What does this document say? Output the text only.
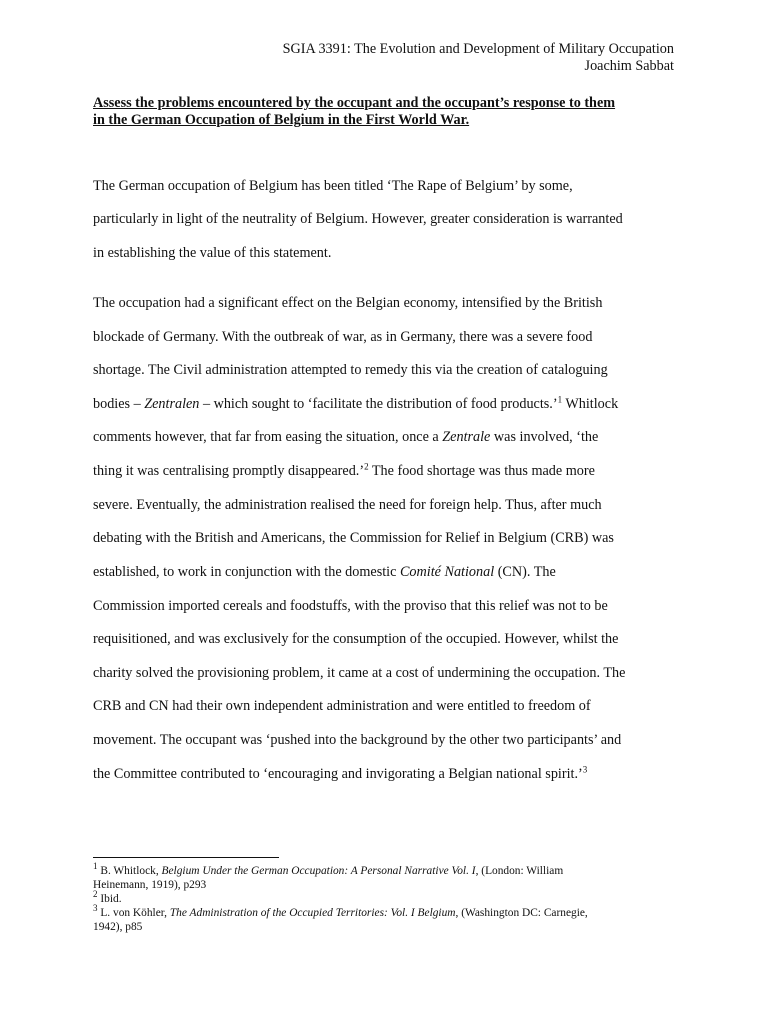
SGIA 3391: The Evolution and Development of Military Occupation
Joachim Sabbat
Assess the problems encountered by the occupant and the occupant’s response to them
in the German Occupation of Belgium in the First World War.
The German occupation of Belgium has been titled ‘The Rape of Belgium’ by some,
particularly in light of the neutrality of Belgium. However, greater consideration is warranted
in establishing the value of this statement.
The occupation had a significant effect on the Belgian economy, intensified by the British
blockade of Germany. With the outbreak of war, as in Germany, there was a severe food
shortage. The Civil administration attempted to remedy this via the creation of cataloguing
bodies – Zentralen – which sought to ‘facilitate the distribution of food products.’$^1$ Whitlock
comments however, that far from easing the situation, once a Zentrale was involved, ‘the
thing it was centralising promptly disappeared.’$^2$ The food shortage was thus made more
severe. Eventually, the administration realised the need for foreign help. Thus, after much
debating with the British and Americans, the Commission for Relief in Belgium (CRB) was
established, to work in conjunction with the domestic Comité National (CN). The
Commission imported cereals and foodstuffs, with the proviso that this relief was not to be
requisitioned, and was exclusively for the consumption of the occupied. However, whilst the
charity solved the provisioning problem, it came at a cost of undermining the occupation. The
CRB and CN had their own independent administration and were entitled to freedom of
movement. The occupant was ‘pushed into the background by the other two participants’ and
the Committee contributed to ‘encouraging and invigorating a Belgian national spirit.’$^3$
$^1$ B. Whitlock, Belgium Under the German Occupation: A Personal Narrative Vol. I, (London: William
Heinemann, 1919), p293
$^2$ Ibid.
$^3$ L. von Köhler, The Administration of the Occupied Territories: Vol. I Belgium, (Washington DC: Carnegie,
1942), p85
